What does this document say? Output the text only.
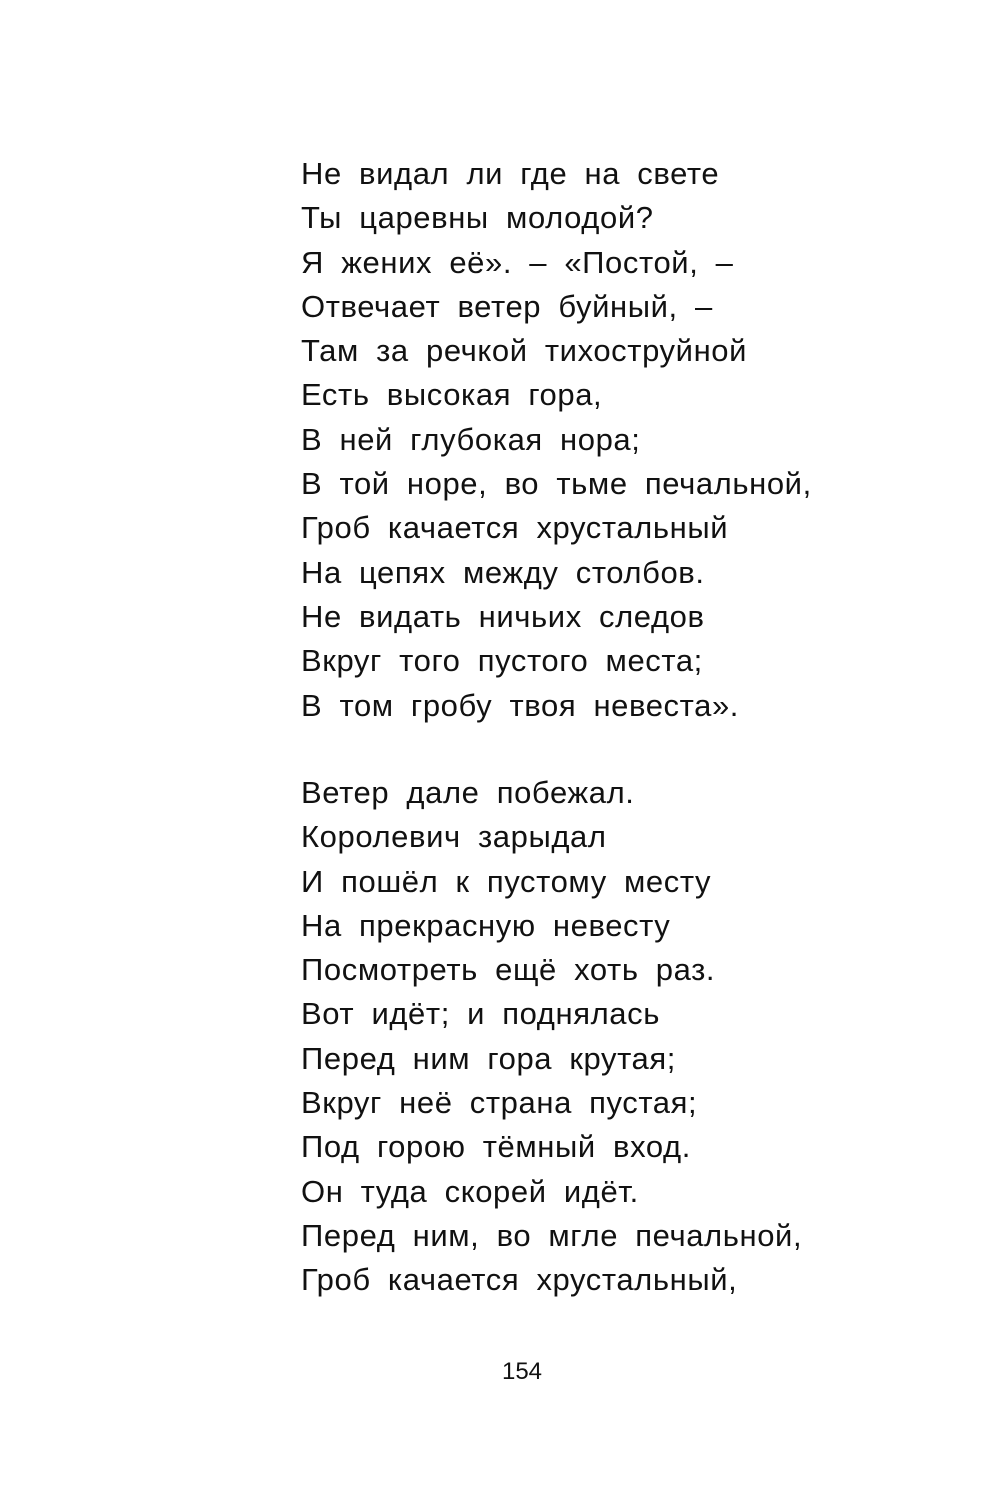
Не видал ли где на свете
Ты царевны молодой?
Я жених её». – «Постой, –
Отвечает ветер буйный, –
Там за речкой тихоструйной
Есть высокая гора,
В ней глубокая нора;
В той норе, во тьме печальной,
Гроб качается хрустальный
На цепях между столбов.
Не видать ничьих следов
Вкруг того пустого места;
В том гробу твоя невеста».
Ветер дале побежал.
Королевич зарыдал
И пошёл к пустому месту
На прекрасную невесту
Посмотреть ещё хоть раз.
Вот идёт; и поднялась
Перед ним гора крутая;
Вкруг неё страна пустая;
Под горою тёмный вход.
Он туда скорей идёт.
Перед ним, во мгле печальной,
Гроб качается хрустальный,
154
